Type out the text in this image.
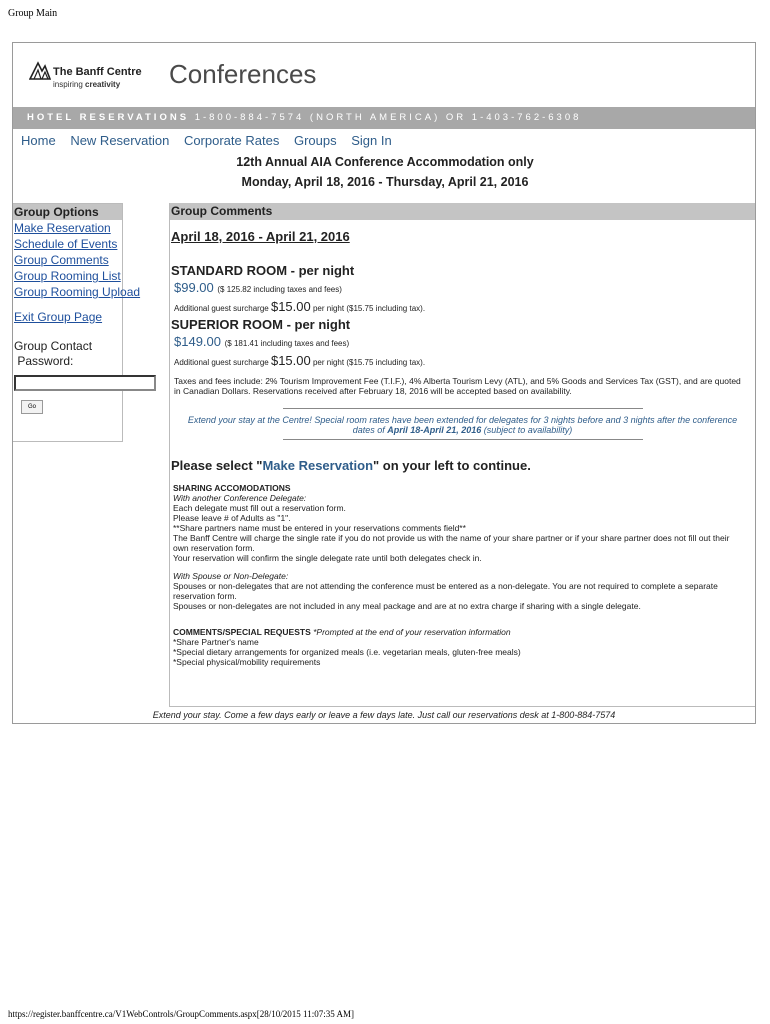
Group Main
The Banff Centre
inspiring creativity Conferences
HOTEL RESERVATIONS 1-800-884-7574 (NORTH AMERICA) OR 1-403-762-6308
Home New Reservation Corporate Rates Groups Sign In
12th Annual AIA Conference Accommodation only
Monday, April 18, 2016 - Thursday, April 21, 2016
Group Options
Make Reservation
Schedule of Events
Group Comments
Group Rooming List
Group Rooming Upload
Exit Group Page
Group Contact
Password:
Go
Group Comments
April 18, 2016 - April 21, 2016
STANDARD ROOM - per night
$99.00 ($ 125.82 including taxes and fees)
Additional guest surcharge $15.00 per night ($15.75 including tax).
SUPERIOR ROOM - per night
$149.00 ($ 181.41 including taxes and fees)
Additional guest surcharge $15.00 per night ($15.75 including tax).
Taxes and fees include: 2% Tourism Improvement Fee (T.I.F.), 4% Alberta Tourism Levy (ATL), and 5% Goods and Services Tax (GST), and are quoted in Canadian Dollars. Reservations received after February 18, 2016 will be accepted based on availability.
Extend your stay at the Centre! Special room rates have been extended for delegates for 3 nights before and 3 nights after the conference dates of April 18-April 21, 2016 (subject to availability)
Please select "Make Reservation" on your left to continue.
SHARING ACCOMODATIONS
With another Conference Delegate:
Each delegate must fill out a reservation form.
Please leave # of Adults as "1".
**Share partners name must be entered in your reservations comments field**
The Banff Centre will charge the single rate if you do not provide us with the name of your share partner or if your share partner does not fill out their own reservation form.
Your reservation will confirm the single delegate rate until both delegates check in.
With Spouse or Non-Delegate:
Spouses or non-delegates that are not attending the conference must be entered as a non-delegate. You are not required to complete a separate reservation form.
Spouses or non-delegates are not included in any meal package and are at no extra charge if sharing with a single delegate.
COMMENTS/SPECIAL REQUESTS *Prompted at the end of your reservation information
*Share Partner's name
*Special dietary arrangements for organized meals (i.e. vegetarian meals, gluten-free meals)
*Special physical/mobility requirements
Extend your stay. Come a few days early or leave a few days late. Just call our reservations desk at 1-800-884-7574
https://register.banffcentre.ca/V1WebControls/GroupComments.aspx[28/10/2015 11:07:35 AM]
